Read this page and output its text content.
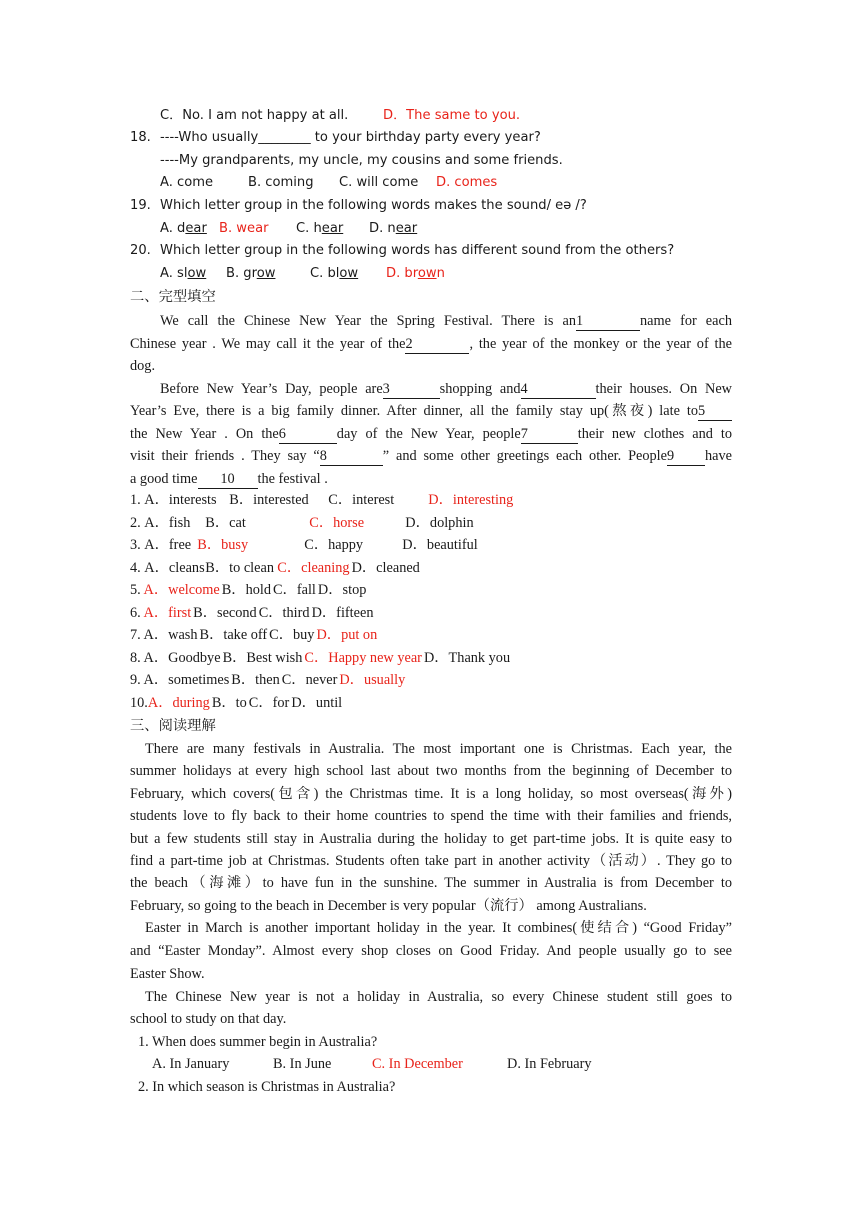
C．No. I am not happy at all.	D．The same to you.
18. ----Who usually________ to your birthday party every year?
----My grandparents, my uncle, my cousins and some friends.
A. come	B. coming C. will come D. comes
19. Which letter group in the following words makes the sound/ eə /?
A. dear B. wear C. hear D. near
20. Which letter group in the following words has different sound from the others?
A. slow B. grow	C. blow D. brown
二、完型填空
We call the Chinese New Year the Spring Festival. There is an1	name for each
Chinese year . We may call it the year of the2	, the year of the monkey or the year of the
dog.
Before New Year’s Day, people are3	shopping and4	their houses. On New
Year’s Eve, there is a big family dinner. After dinner, all the family stay up(熬夜) late to5
the New Year . On the6	day of the New Year, people7	their new clothes and to
visit their friends . They say “8	” and some other greetings each other. People9 have
a good time 10 the festival .
1. A．interests B．interested C．interest D．interesting
2. A．fish B．cat	C．horse	D．dolphin
3. A．free B．busy	C．happy	D．beautiful
4. A．cleansB．to clean C．cleaning D．cleaned
5. A．welcome B．hold C．fall D．stop
6. A．first B．second C．third D．fifteen
7. A．wash B．take off C．buy D．put on
8. A．Goodbye B．Best wish C．Happy new year D．Thank you
9. A．sometimes B．then C．never D．usually
10.A．during B．to C．for D．until
三、阅读理解
There are many festivals in Australia. The most important one is Christmas. Each year, the
summer holidays at every high school last about two months from the beginning of December to
February, which covers(包含) the Christmas time. It is a long holiday, so most overseas(海外)
students love to fly back to their home countries to spend the time with their families and friends,
but a few students still stay in Australia during the holiday to get part-time jobs. It is quite easy to
find a part-time job at Christmas. Students often take part in another activity（活动）. They go to
the beach（海滩）to have fun in the sunshine. The summer in Australia is from December to
February, so going to the beach in December is very popular（流行） among Australians.
Easter in March is another important holiday in the year. It combines(使结合) “Good Friday”
and “Easter Monday”. Almost every shop closes on Good Friday. And people usually go to see
Easter Show.
The Chinese New year is not a holiday in Australia, so every Chinese student still goes to
school to study on that day.
1. When does summer begin in Australia?
A. In January	B. In June	C. In December	D. In February
2. In which season is Christmas in Australia?
